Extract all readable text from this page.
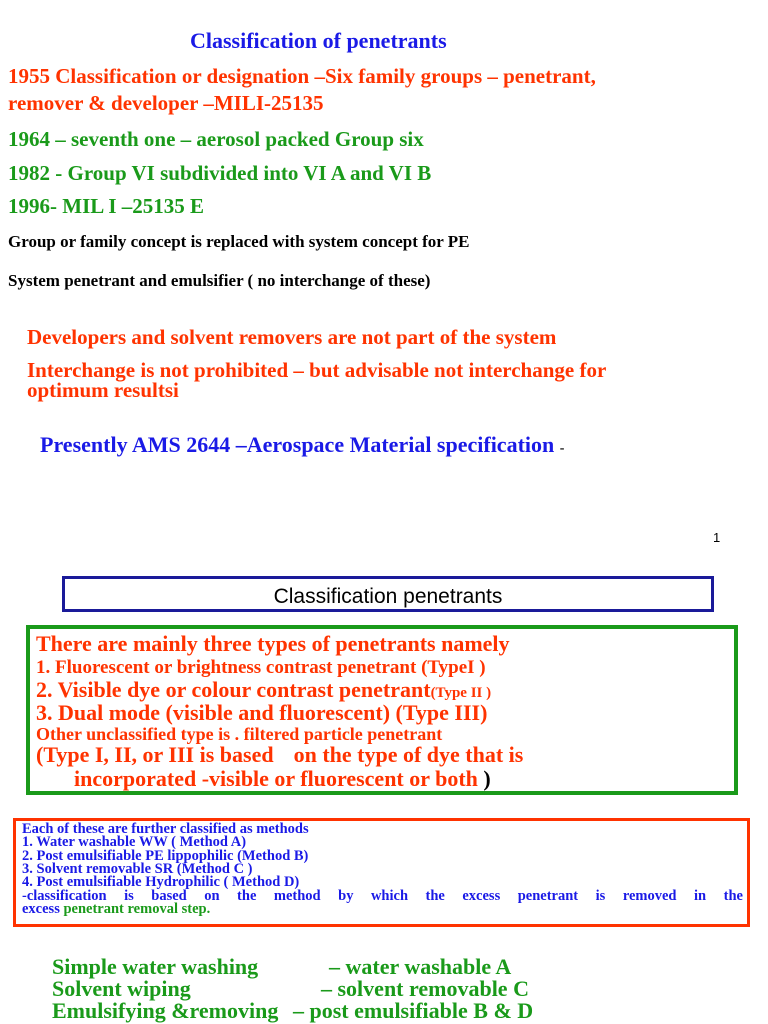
Classification of penetrants
1955 Classification or designation –Six family groups – penetrant,
remover & developer –MILI-25135
1964 – seventh one – aerosol packed Group six
1982 - Group VI subdivided into VI A and VI B
1996- MIL I –25135 E
Group or family concept is replaced with system concept for PE
System penetrant and emulsifier ( no interchange of these)
Developers and solvent removers are not part of the system
Interchange is not prohibited – but advisable not interchange for
optimum resultsi
Presently AMS 2644 –Aerospace Material specification -
1
Classification penetrants
There are mainly three types of penetrants namely
1. Fluorescent or brightness contrast penetrant (TypeI )
2. Visible dye or colour contrast penetrant(Type II )
3. Dual mode (visible and fluorescent) (Type III)
Other unclassified type is . filtered particle penetrant
(Type I, II, or III is based on the type of dye that is
incorporated -visible or fluorescent or both )
Each of these are further classified as methods
1. Water washable WW ( Method A)
2. Post emulsifiable PE lippophilic (Method B)
3. Solvent removable SR (Method C )
4. Post emulsifiable Hydrophilic ( Method D)
-classification is based on the method by which the excess penetrant is removed in the
excess penetrant removal step.
Simple water washing	– water washable A
Solvent wiping	– solvent removable C
Emulsifying &removing – post emulsifiable B & D
